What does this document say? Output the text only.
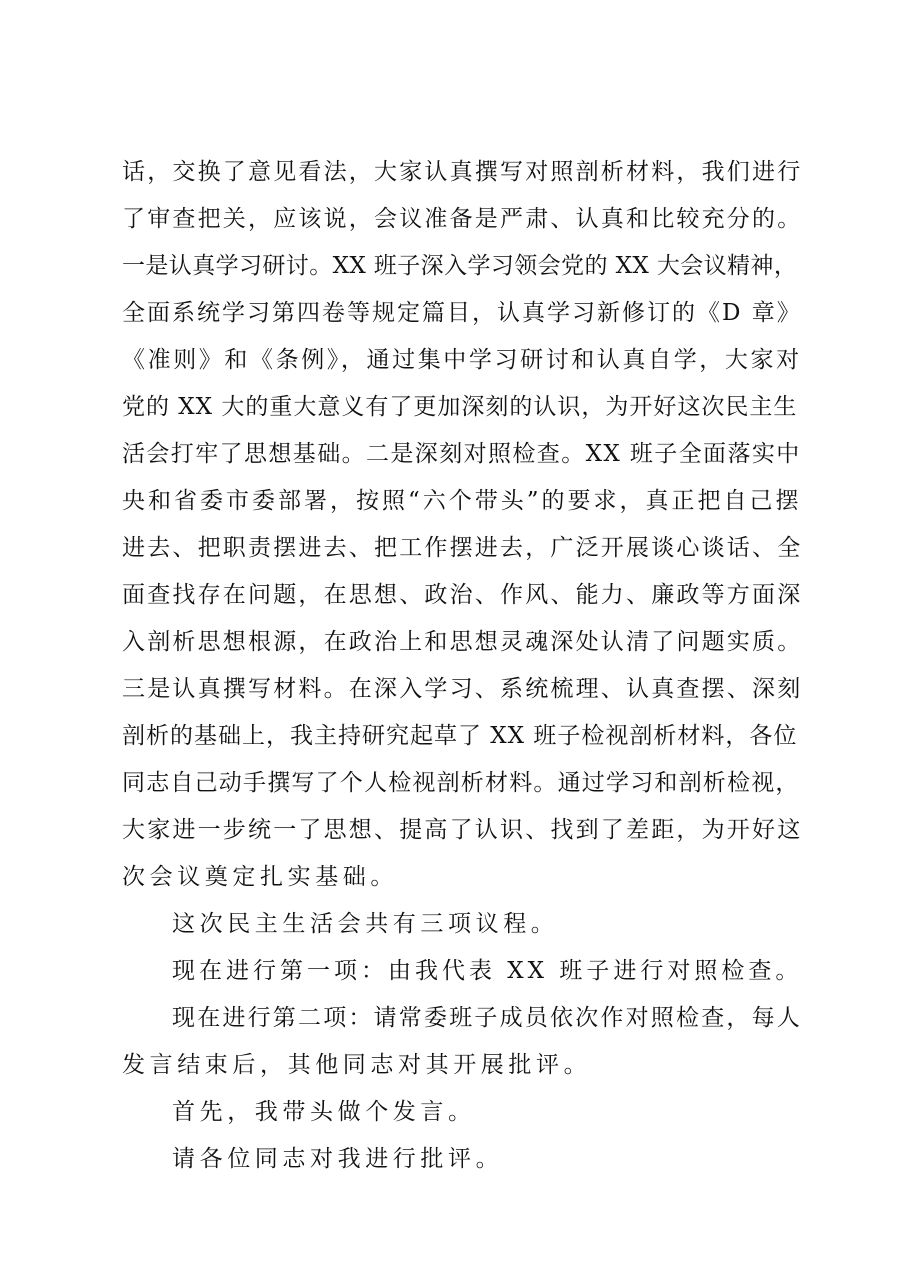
话，交换了意见看法，大家认真撰写对照剖析材料，我们进行
了审查把关，应该说，会议准备是严肃、认真和比较充分的。
一是认真学习研讨。XX 班子深入学习领会党的 XX 大会议精神，
全面系统学习第四卷等规定篇目，认真学习新修订的《D 章》
《准则》和《条例》，通过集中学习研讨和认真自学，大家对
党的 XX 大的重大意义有了更加深刻的认识，为开好这次民主生
活会打牢了思想基础。二是深刻对照检查。XX 班子全面落实中
央和省委市委部署，按照“六个带头”的要求，真正把自己摆
进去、把职责摆进去、把工作摆进去，广泛开展谈心谈话、全
面查找存在问题，在思想、政治、作风、能力、廉政等方面深
入剖析思想根源，在政治上和思想灵魂深处认清了问题实质。
三是认真撰写材料。在深入学习、系统梳理、认真查摆、深刻
剖析的基础上，我主持研究起草了 XX 班子检视剖析材料，各位
同志自己动手撰写了个人检视剖析材料。通过学习和剖析检视，
大家进一步统一了思想、提高了认识、找到了差距，为开好这
次会议奠定扎实基础。
这次民主生活会共有三项议程。
现在进行第一项：由我代表 XX 班子进行对照检查。
现在进行第二项：请常委班子成员依次作对照检查，每人
发言结束后，其他同志对其开展批评。
首先，我带头做个发言。
请各位同志对我进行批评。
